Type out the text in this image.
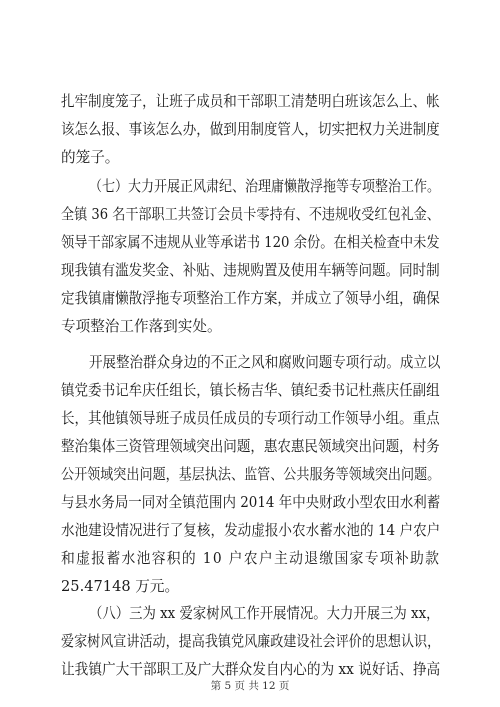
扎牢制度笼子，让班子成员和干部职工清楚明白班该怎么上、帐
该怎么报、事该怎么办，做到用制度管人，切实把权力关进制度
的笼子。
（七）大力开展正风肃纪、治理庸懒散浮拖等专项整治工作。
全镇 36 名干部职工共签订会员卡零持有、不违规收受红包礼金、
领导干部家属不违规从业等承诺书 120 余份。在相关检查中未发
现我镇有滥发奖金、补贴、违规购置及使用车辆等问题。同时制
定我镇庸懒散浮拖专项整治工作方案，并成立了领导小组，确保
专项整治工作落到实处。
开展整治群众身边的不正之风和腐败问题专项行动。成立以
镇党委书记牟庆任组长，镇长杨吉华、镇纪委书记杜燕庆任副组
长，其他镇领导班子成员任成员的专项行动工作领导小组。重点
整治集体三资管理领域突出问题，惠农惠民领域突出问题，村务
公开领域突出问题，基层执法、监管、公共服务等领域突出问题。
与县水务局一同对全镇范围内 2014 年中央财政小型农田水利蓄
水池建设情况进行了复核，发动虚报小农水蓄水池的 14 户农户
和虚报蓄水池容积的 10 户农户主动退缴国家专项补助款
25.47148 万元。
（八）三为 xx 爱家树风工作开展情况。大力开展三为 xx，
爱家树风宣讲活动，提高我镇党风廉政建设社会评价的思想认识，
让我镇广大干部职工及广大群众发自内心的为 xx 说好话、挣高
第 5 页 共 12 页
